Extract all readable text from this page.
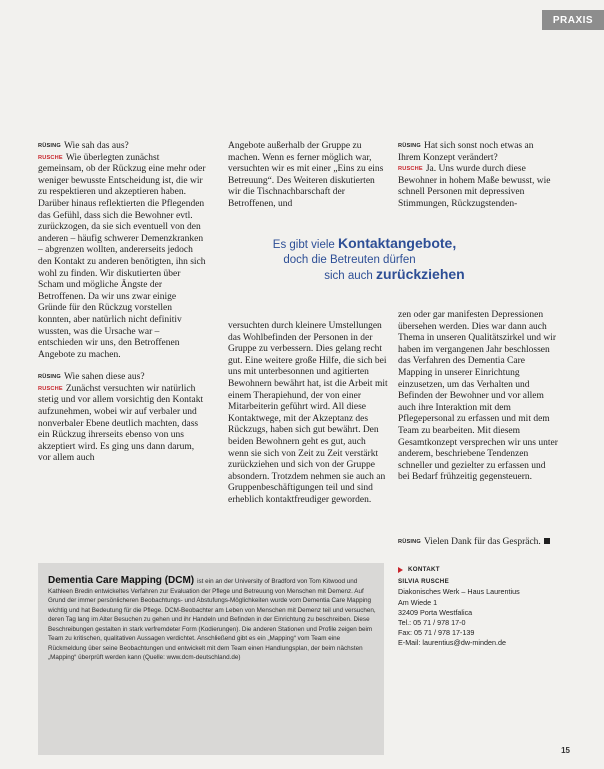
PRAXIS

RÜSING Wie sah das aus?

RUSCHE Wie überlegten zunächst gemeinsam, ob der Rückzug eine mehr oder weniger bewusste Entscheidung ist, die wir zu respektieren und akzeptieren haben. Darüber hinaus reflektierten die Pflegenden das Gefühl, dass sich die Bewohner evtl. zurückzogen, da sie sich eventuell von den anderen – häufig schwerer Demenzkranken – abgrenzen wollten, andererseits jedoch den Kontakt zu anderen benötigten, ihn sich wohl zu finden. Wir diskutierten über Scham und mögliche Ängste der Betroffenen. Da wir uns zwar einige Gründe für den Rückzug vorstellen konnten, aber natürlich nicht definitiv wussten, was die Ursache war – entschieden wir uns, den Betroffenen Angebote zu machen.

RÜSING Wie sahen diese aus?

RUSCHE Zunächst versuchten wir natürlich stetig und vor allem vorsichtig den Kontakt aufzunehmen, wobei wir auf verbaler und nonverbaler Ebene deutlich machten, dass ein Rückzug ihrerseits ebenso von uns akzeptiert wird. Es ging uns dann darum, vor allem auch

Angebote außerhalb der Gruppe zu machen. Wenn es ferner möglich war, versuchten wir es mit einer „Eins zu eins Betreuung“. Des Weiteren diskutierten wir die Tischnachbarschaft der Betroffenen, und

RÜSING Hat sich sonst noch etwas an Ihrem Konzept verändert?

RUSCHE Ja. Uns wurde durch diese Bewohner in hohem Maße bewusst, wie schnell Personen mit depressiven Stimmungen, Rückzugstenden-

Es gibt viele Kontaktangebote,
doch die Betreuten dürfen
sich auch zurückziehen

versuchten durch kleinere Umstellungen das Wohlbefinden der Personen in der Gruppe zu verbessern. Dies gelang recht gut. Eine weitere große Hilfe, die sich bei uns mit unterbesonnen und agitierten Bewohnern bewährt hat, ist die Arbeit mit einem Therapiehund, der von einer Mitarbeiterin geführt wird. All diese Kontaktwege, mit der Akzeptanz des Rückzugs, haben sich gut bewährt. Den beiden Bewohnern geht es gut, auch wenn sie sich von Zeit zu Zeit verstärkt zurückziehen und sich von der Gruppe absondern. Trotzdem nehmen sie auch an Gruppenbeschäftigungen teil und sind erheblich kontaktfreudiger geworden.

zen oder gar manifesten Depressionen übersehen werden. Dies war dann auch Thema in unseren Qualitätszirkel und wir haben im vergangenen Jahr beschlossen das Verfahren des Dementia Care Mapping in unserer Einrichtung einzusetzen, um das Verhalten und Befinden der Bewohner und vor allem auch ihre Interaktion mit dem Pflegepersonal zu erfassen und mit dem Team zu bearbeiten. Mit diesem Gesamtkonzept versprechen wir uns unter anderem, beschriebene Tendenzen schneller und gezielter zu erfassen und bei Bedarf frühzeitig gegensteuern.

RÜSING Vielen Dank für das Gespräch.
Dementia Care Mapping (DCM) ist ein an der University of Bradford von Tom Kitwood und Kathleen Bredin entwickeltes Verfahren zur Evaluation der Pflege und Betreuung von Menschen mit Demenz. Auf Grund der immer persönlicheren Beobachtungs- und Abstufungs-Möglichkeiten wurde vom Dementia Care Mapping wichtig und hat Bedeutung für die Pflege. DCM-Beobachter am Leben von Menschen mit Demenz teil und versuchen, deren Tag lang im Alter Besuchen zu gehen und ihr Handeln und Befinden in der Einrichtung zu beschreiben. Diese Beschreibungen gestalten in stark verfremdeter Form (Kodierungen). Die anderen Stationen und Profile zeigen beim Team zu kritischen, qualitativen Aussagen verdichtet. Anschließend gibt es ein „Mapping“ vom Team eine Rückmeldung über seine Beobachtungen und entwickelt mit dem Team einen Handlungsplan, der beim nächsten „Mapping“ überprüft werden kann (Quelle: www.dcm-deutschland.de)
KONTAKT
SILVIA RUSCHE
Diakonisches Werk – Haus Laurentius
Am Wiede 1
32409 Porta Westfalica
Tel.: 05 71 / 978 17-0
Fax: 05 71 / 978 17-139
E-Mail: laurentius@dw-minden.de
15
